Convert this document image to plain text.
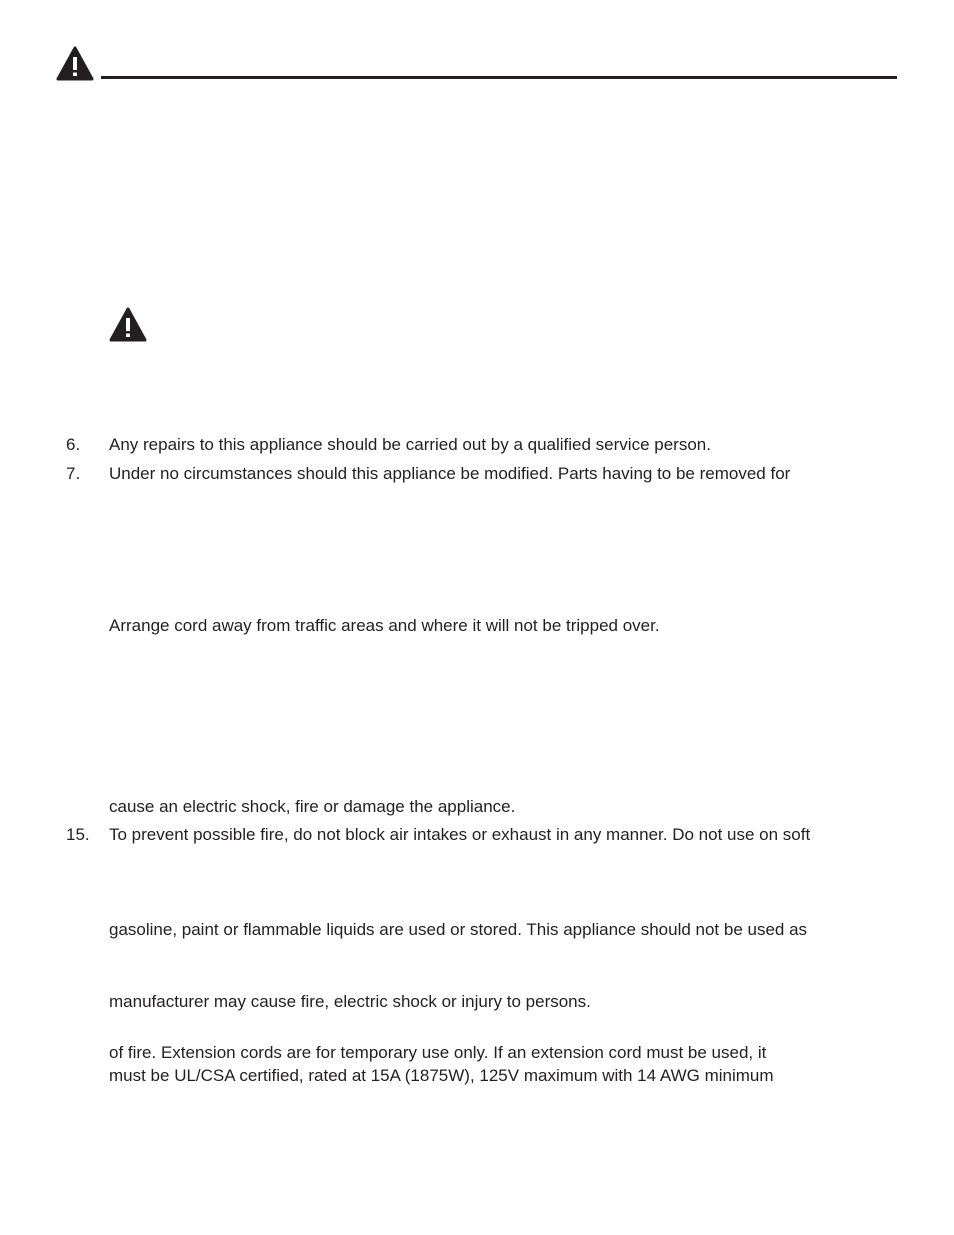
6. Any repairs to this appliance should be carried out by a qualified service person.
7. Under no circumstances should this appliance be modified. Parts having to be removed for
Arrange cord away from traffic areas and where it will not be tripped over.
cause an electric shock, fire or damage the appliance.
15. To prevent possible fire, do not block air intakes or exhaust in any manner. Do not use on soft
gasoline, paint or flammable liquids are used or stored. This appliance should not be used as
manufacturer may cause fire, electric shock or injury to persons.
of fire. Extension cords are for temporary use only. If an extension cord must be used, it
must be UL/CSA certified, rated at 15A (1875W), 125V maximum with 14 AWG minimum
